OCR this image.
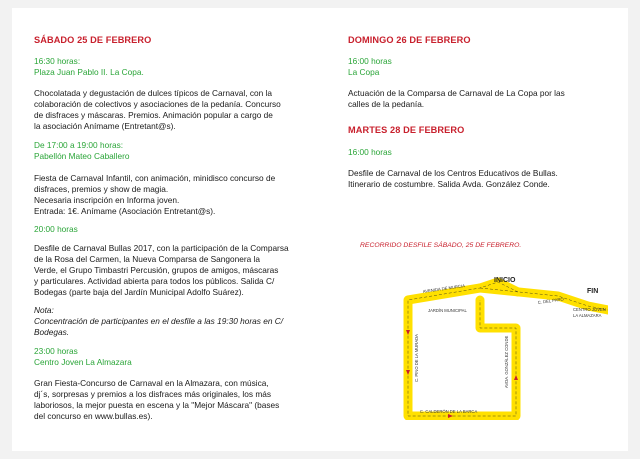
SÁBADO 25 DE FEBRERO

16:30 horas:

Plaza Juan Pablo II. La Copa.

Chocolatada y degustación de dulces típicos de Carnaval, con la

colaboración de colectivos y asociaciones de la pedanía. Concurso

de disfraces y máscaras. Premios. Animación popular a cargo de

la asociación Anímame (Entretant@s).

De 17:00 a 19:00 horas:

Pabellón Mateo Caballero

Fiesta de Carnaval Infantil, con animación, minidisco concurso de

disfraces, premios y show de magia.

Necesaria inscripción en Informa joven.

Entrada: 1€. Anímame (Asociación Entretant@s).

20:00 horas

Desfile de Carnaval Bullas 2017, con la participación de la Comparsa

de la Rosa del Carmen, la Nueva Comparsa de Sangonera la

Verde, el Grupo Timbastri Percusión, grupos de amigos, máscaras

y particulares. Actividad abierta para todos los públicos. Salida C/

Bodegas (parte baja del Jardín Municipal Adolfo Suárez).

Nota:

Concentración de participantes en el desfile a las 19:30 horas en C/

Bodegas.

23:00 horas

Centro Joven La Almazara

Gran Fiesta-Concurso de Carnaval en la Almazara, con música,

dj´s, sorpresas y premios a los disfraces más originales, los más

laboriosos, la mejor puesta en escena y la "Mejor Máscara" (bases

del concurso en www.bullas.es).

DOMINGO 26 DE FEBRERO

16:00 horas

La Copa

Actuación de la Comparsa de Carnaval de La Copa por las

calles de la pedanía.

MARTES 28 DE FEBRERO

16:00 horas

Desfile de Carnaval de los Centros Educativos de Bullas.

Itinerario de costumbre. Salida Avda. González Conde.

RECORRIDO DESFILE SÁBADO, 25 DE FEBRERO.

INICIO
FIN
CENTRO JOVEN
LA ALMAZARA
AVENIDA DE MURCIA
JARDÍN MUNICIPAL
C. DEL PARO
C. PINO DE LA MURADA	AVDA. GONZÁLEZ CONDE
C. CALDERÓN DE LA BARCA
